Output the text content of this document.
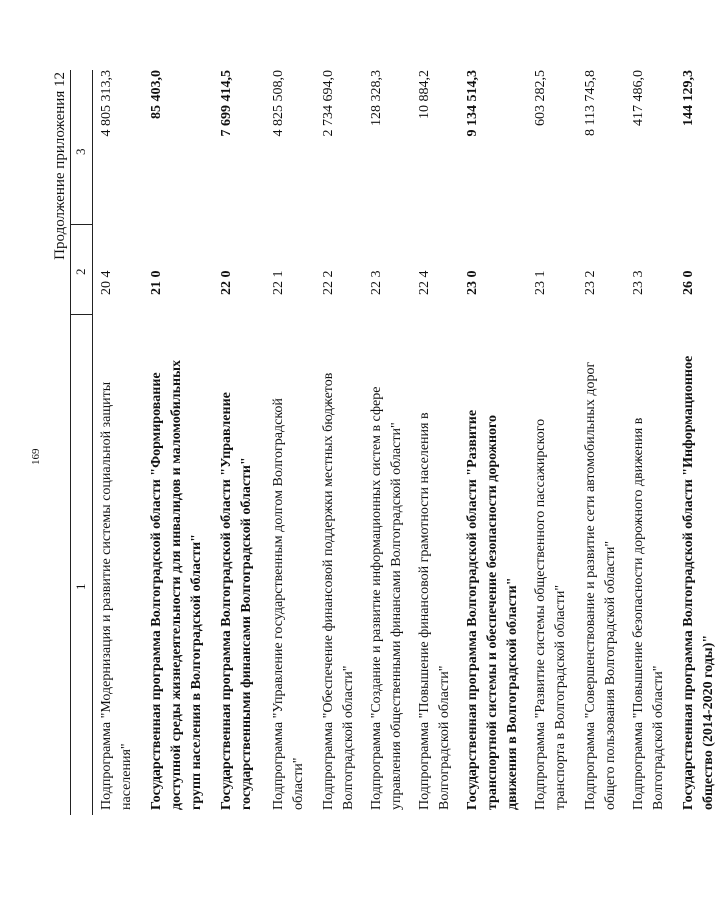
169
Продолжение приложения 12
1
2
3
Подпрограмма "Модернизация и развитие системы социальной защиты населения"
20 4
4 805 313,3
Государственная программа Волгоградской области "Формирование доступной среды жизнедеятельности для инвалидов и маломобильных групп населения в Волгоградской области"
21 0
85 403,0
Государственная программа Волгоградской области "Управление государственными финансами Волгоградской области"
22 0
7 699 414,5
Подпрограмма "Управление государственным долгом Волгоградской области"
22 1
4 825 508,0
Подпрограмма "Обеспечение финансовой поддержки местных бюджетов Волгоградской области"
22 2
2 734 694,0
Подпрограмма "Создание и развитие информационных систем в сфере управления общественными финансами Волгоградской области"
22 3
128 328,3
Подпрограмма "Повышение финансовой грамотности населения в Волгоградской области"
22 4
10 884,2
Государственная программа Волгоградской области "Развитие транспортной системы и обеспечение безопасности дорожного движения в Волгоградской области"
23 0
9 134 514,3
Подпрограмма "Развитие системы общественного пассажирского транспорта в Волгоградской области"
23 1
603 282,5
Подпрограмма "Совершенствование и развитие сети автомобильных дорог общего пользования Волгоградской области"
23 2
8 113 745,8
Подпрограмма "Повышение безопасности дорожного движения в Волгоградской области"
23 3
417 486,0
Государственная программа Волгоградской области "Информационное общество (2014-2020 годы)"
26 0
144 129,3
